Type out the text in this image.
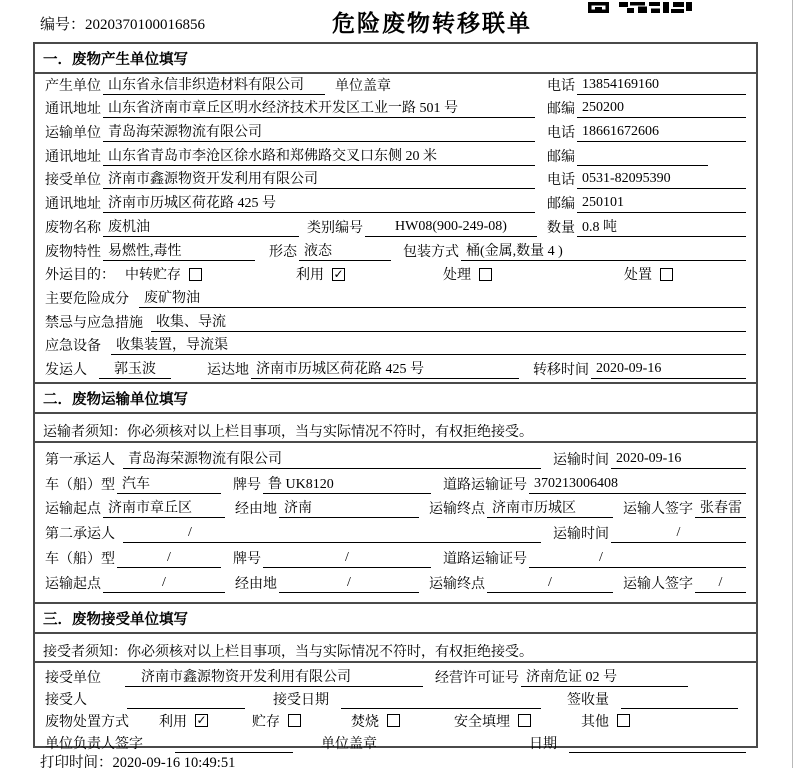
编号：2020370100016856	危险废物转移联单
一．废物产生单位填写
产生单位 山东省永信非织造材料有限公司	单位盖章	电话 13854169160
通讯地址 山东省济南市章丘区明水经济技术开发区工业一路 501 号	邮编 250200
运输单位 青岛海荣源物流有限公司	电话 18661672606
通讯地址 山东省青岛市李沧区徐水路和郑佛路交叉口东侧 20 米	邮编
接受单位 济南市鑫源物资开发利用有限公司	电话 0531-82095390
通讯地址 济南市历城区荷花路 425 号	邮编 250101
废物名称 废机油	类别编号	HW08(900-249-08)	数量 0.8 吨
废物特性 易燃性,毒性	形态 液态	包装方式 桶(金属,数量 4 )
外运目的： 中转贮存	利用 ✓	处理	处置
主要危险成分	废矿物油
禁忌与应急措施 收集、导流
应急设备	收集装置，导流渠
发运人	郭玉波	运达地 济南市历城区荷花路 425 号	转移时间 2020-09-16
二．废物运输单位填写
运输者须知：你必须核对以上栏目事项，当与实际情况不符时，有权拒绝接受。
第一承运人 青岛海荣源物流有限公司	运输时间 2020-09-16
车（船）型 汽车	牌号 鲁 UK8120	道路运输证号 370213006408
运输起点 济南市章丘区	经由地 济南	运输终点 济南市历城区	运输人签字 张春雷
第二承运人	/	运输时间	/
车（船）型	/	牌号	/	道路运输证号	/
运输起点	/	经由地	/	运输终点	/	运输人签字	/
三．废物接受单位填写
接受者须知：你必须核对以上栏目事项，当与实际情况不符时，有权拒绝接受。
接受单位	济南市鑫源物资开发利用有限公司	经营许可证号 济南危证 02 号
接受人	接受日期	签收量
废物处置方式 利用 ✓	贮存	焚烧	安全填埋	其他
单位负责人签字	单位盖章	日期
打印时间：2020-09-16 10:49:51
